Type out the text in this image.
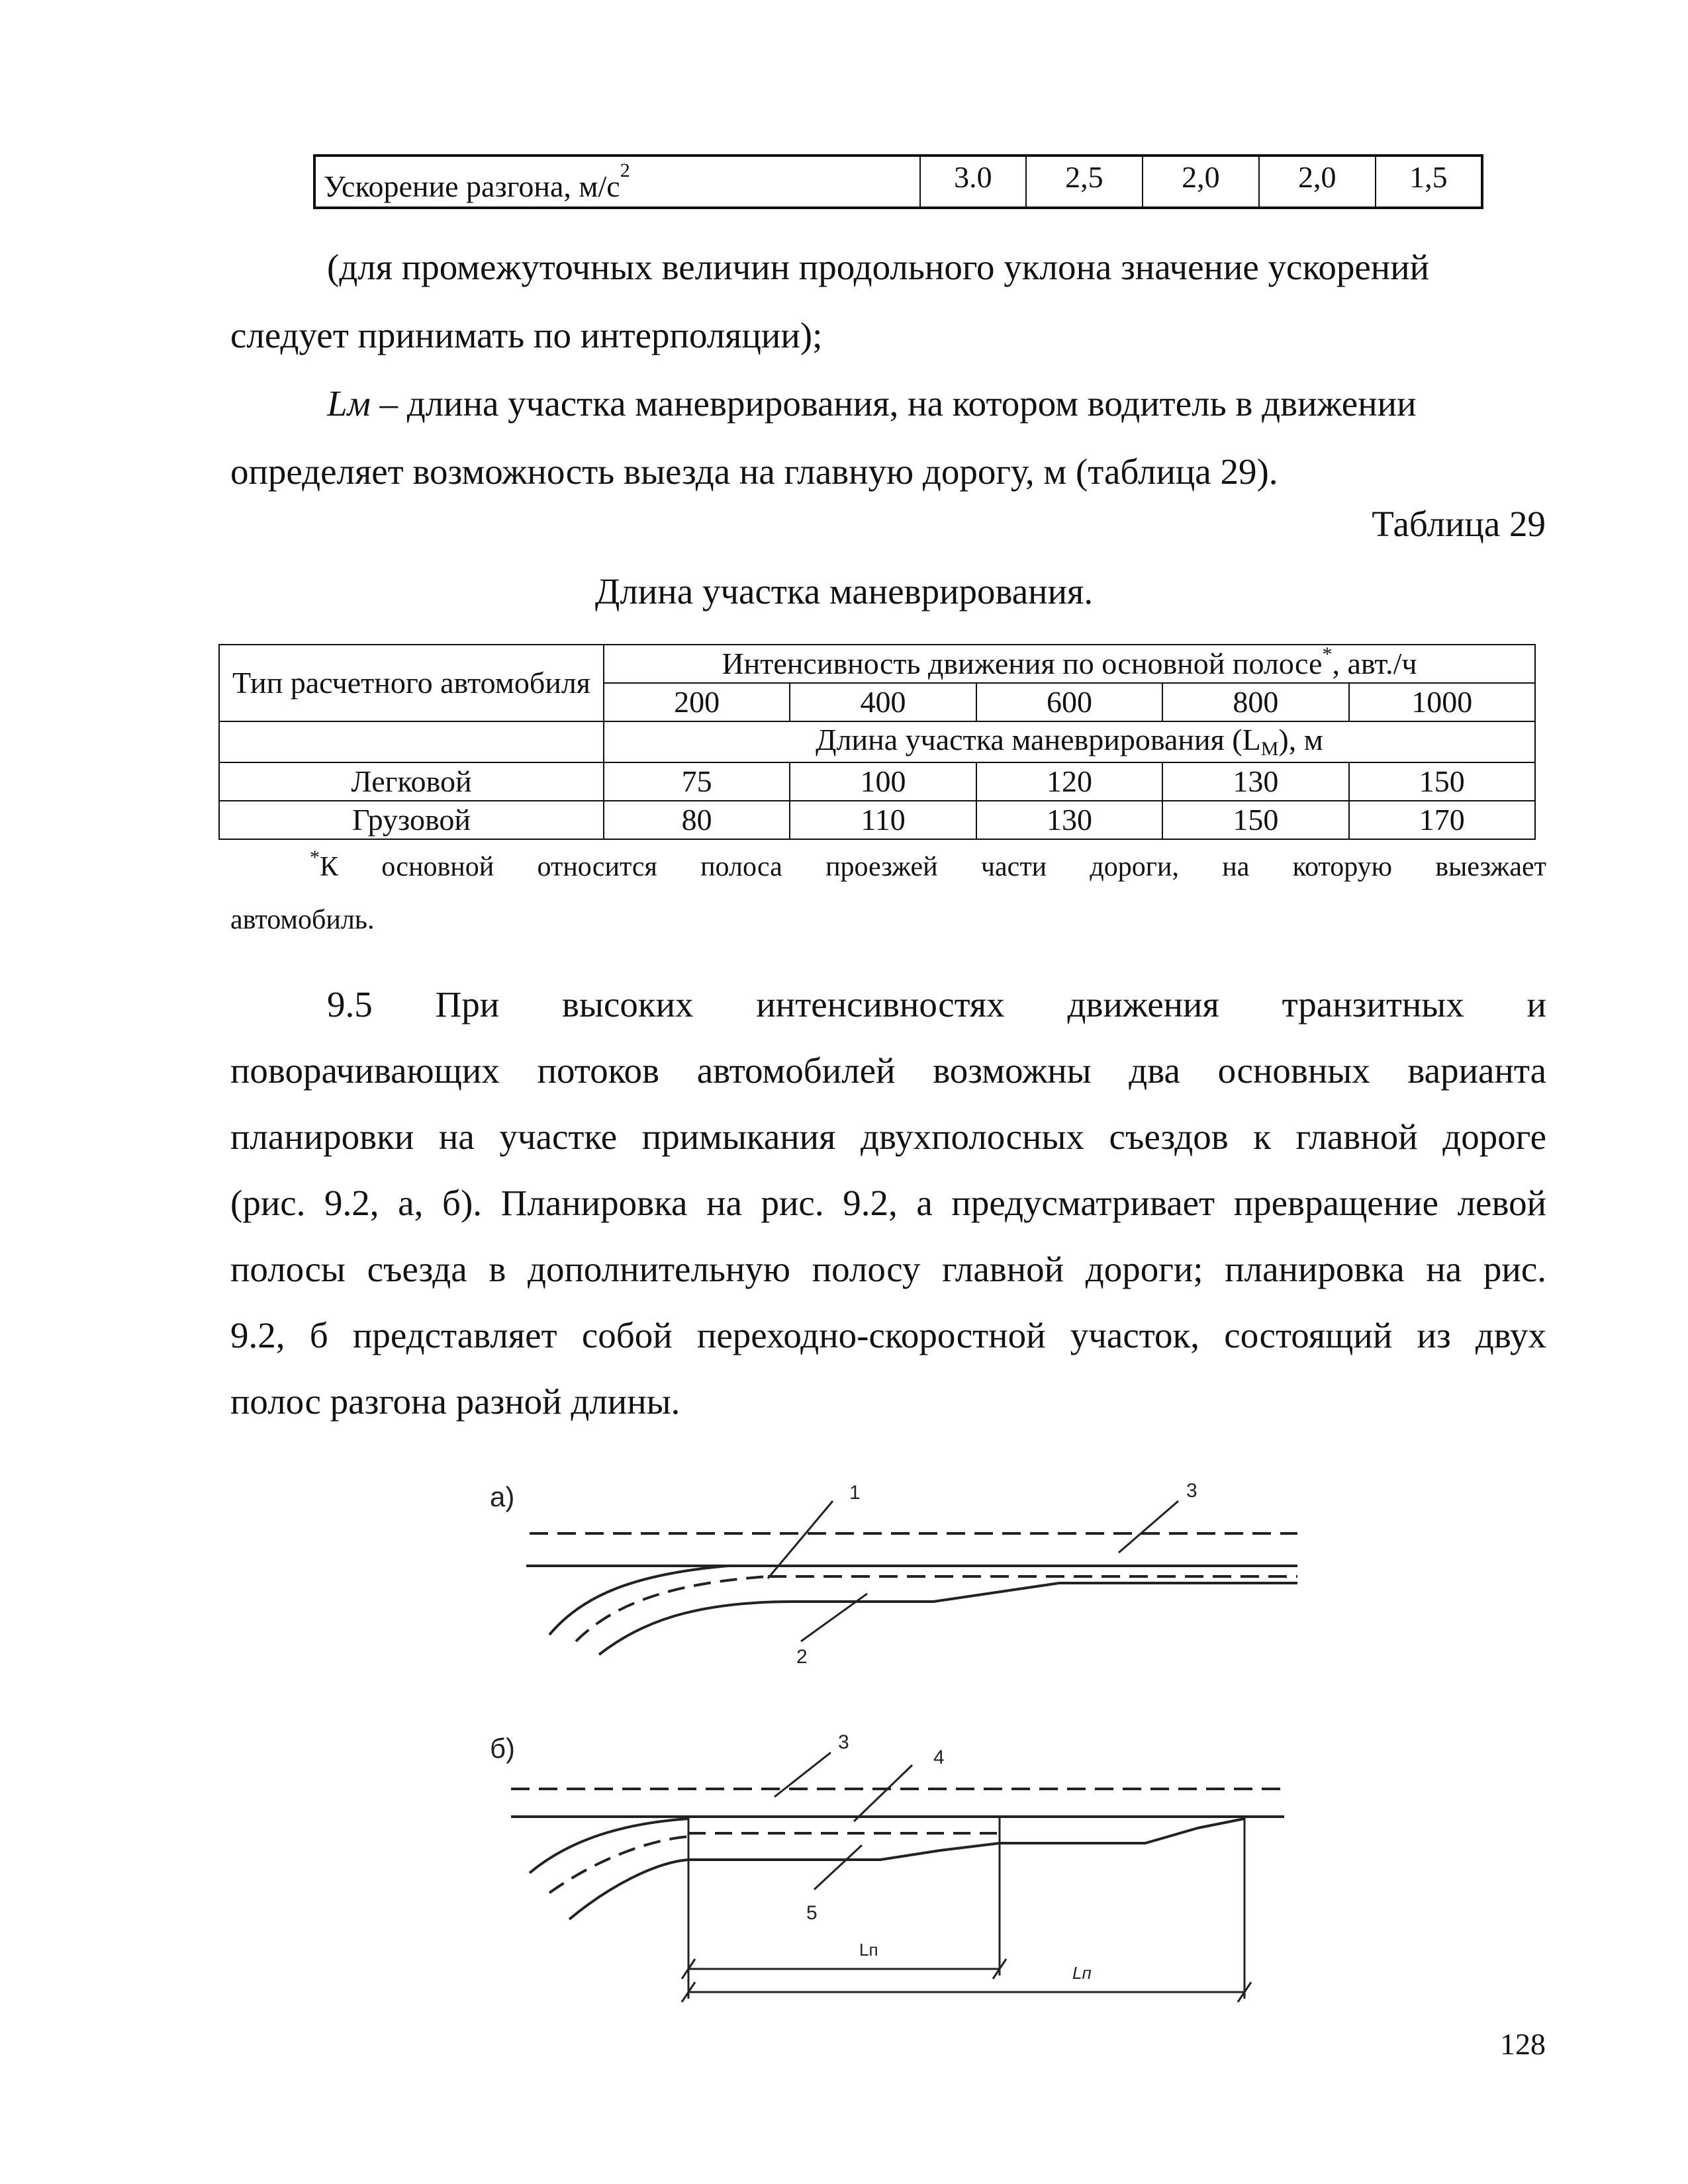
Ускорение разгона, $м/с^2$	3.0	2,5	2,0	2,0	1,5
(для промежуточных величин продольного уклона значение ускорений
следует принимать по интерполяции);
Lм – длина участка маневрирования, на котором водитель в движении
определяет возможность выезда на главную дорогу, м (таблица 29).
Таблица 29
Длина участка маневрирования.
Тип расчетного автомобиля	Интенсивность движения по основной полосе*, авт./ч				
	200	400	600	800	1000
	Длина участка маневрирования $(L_М)$, м				
Легковой	75	100	120	130	150
Грузовой	80	110	130	150	170
*К основной относится полоса проезжей части дороги, на которую выезжает
автомобиль.
9.5 При высоких интенсивностях движения транзитных и
поворачивающих потоков автомобилей возможны два основных варианта
планировки на участке примыкания двухполосных съездов к главной дороге
(рис. 9.2, а, б). Планировка на рис. 9.2, а предусматривает превращение левой
полосы съезда в дополнительную полосу главной дороги; планировка на рис.
9.2, б представляет собой переходно-скоростной участок, состоящий из двух
полос разгона разной длины.
а)	1	3
2
б)	3
4
5
Lп
Lп
128
